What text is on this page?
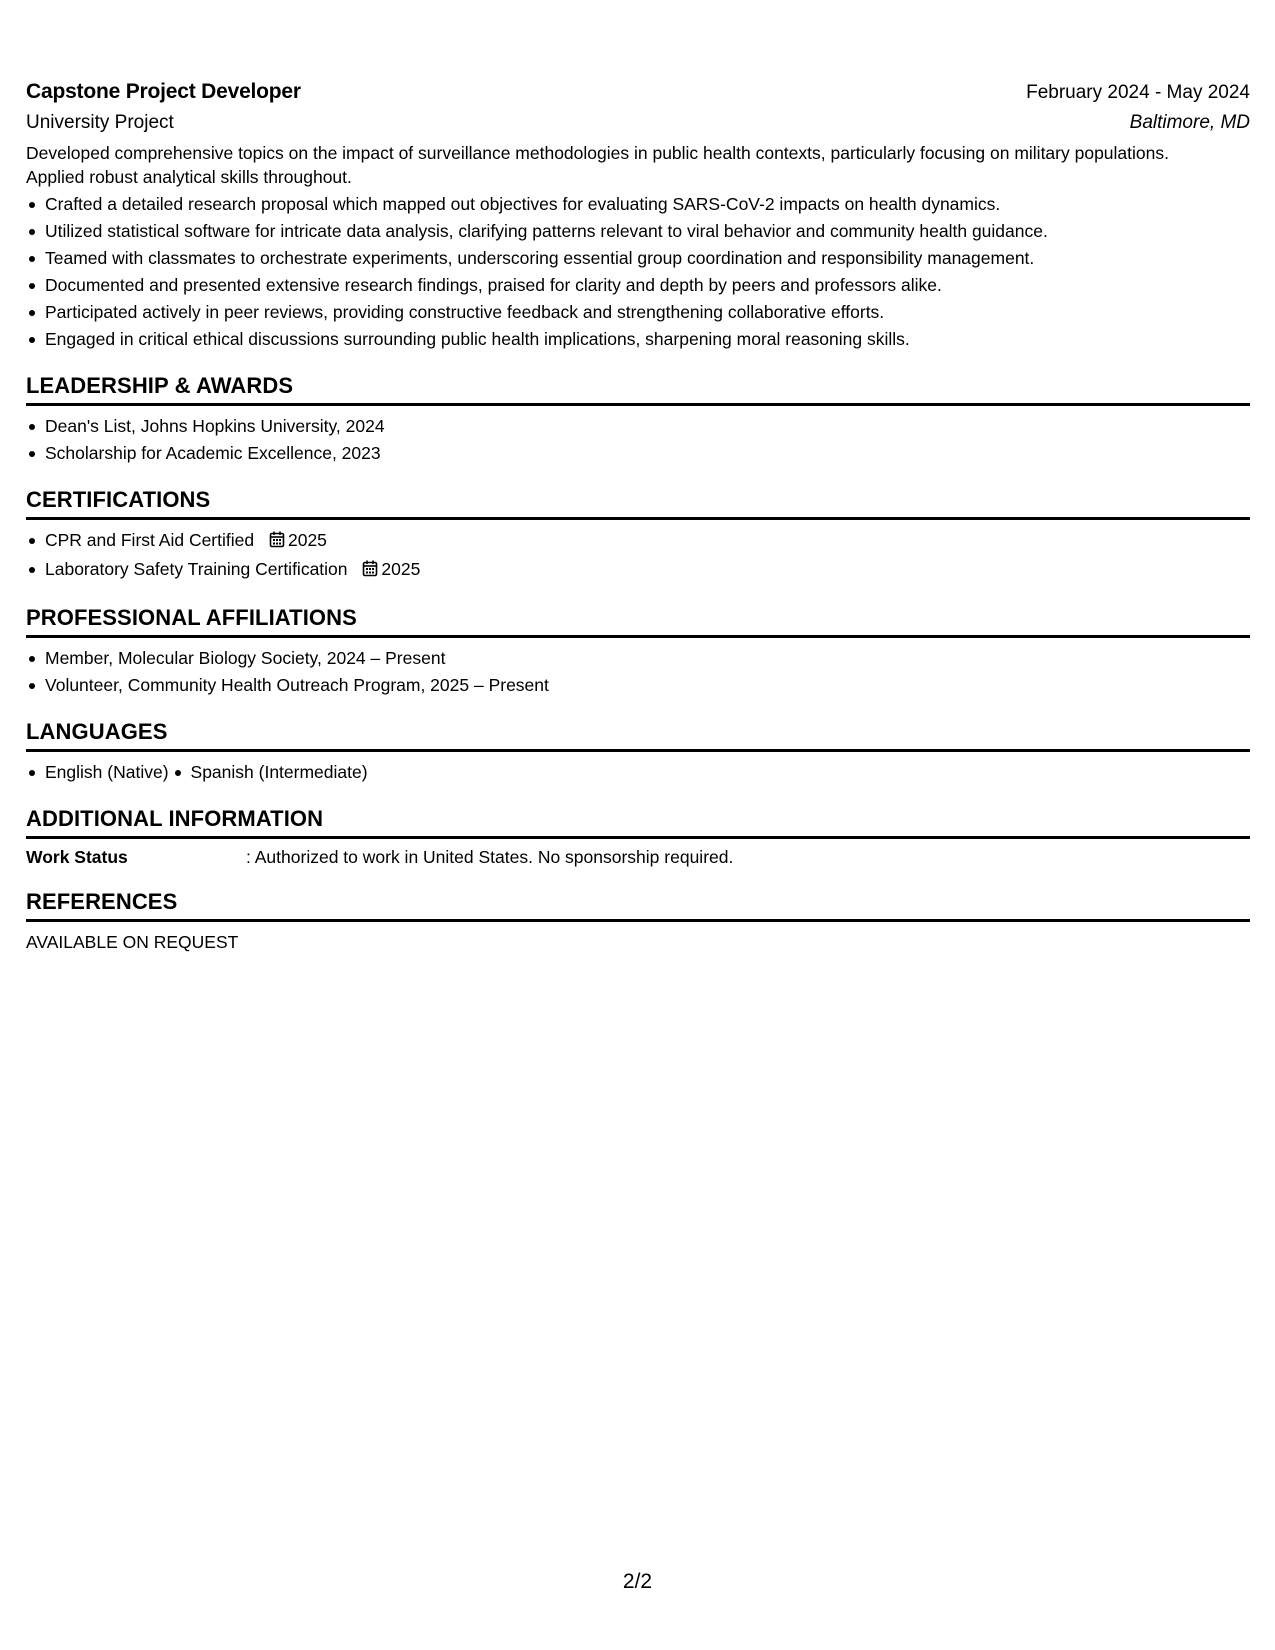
Capstone Project Developer	February 2024 - May 2024
University Project	Baltimore, MD

Developed comprehensive topics on the impact of surveillance methodologies in public health contexts, particularly focusing on military populations. Applied robust analytical skills throughout.

Crafted a detailed research proposal which mapped out objectives for evaluating SARS-CoV-2 impacts on health dynamics.
Utilized statistical software for intricate data analysis, clarifying patterns relevant to viral behavior and community health guidance.
Teamed with classmates to orchestrate experiments, underscoring essential group coordination and responsibility management.
Documented and presented extensive research findings, praised for clarity and depth by peers and professors alike.
Participated actively in peer reviews, providing constructive feedback and strengthening collaborative efforts.
Engaged in critical ethical discussions surrounding public health implications, sharpening moral reasoning skills.
LEADERSHIP & AWARDS
Dean's List, Johns Hopkins University, 2024
Scholarship for Academic Excellence, 2023
CERTIFICATIONS
CPR and First Aid Certified 2025
Laboratory Safety Training Certification 2025
PROFESSIONAL AFFILIATIONS
Member, Molecular Biology Society, 2024 – Present
Volunteer, Community Health Outreach Program, 2025 – Present
LANGUAGES
English (Native) Spanish (Intermediate)
ADDITIONAL INFORMATION
Work Status	: Authorized to work in United States. No sponsorship required.
REFERENCES
AVAILABLE ON REQUEST
2/2
